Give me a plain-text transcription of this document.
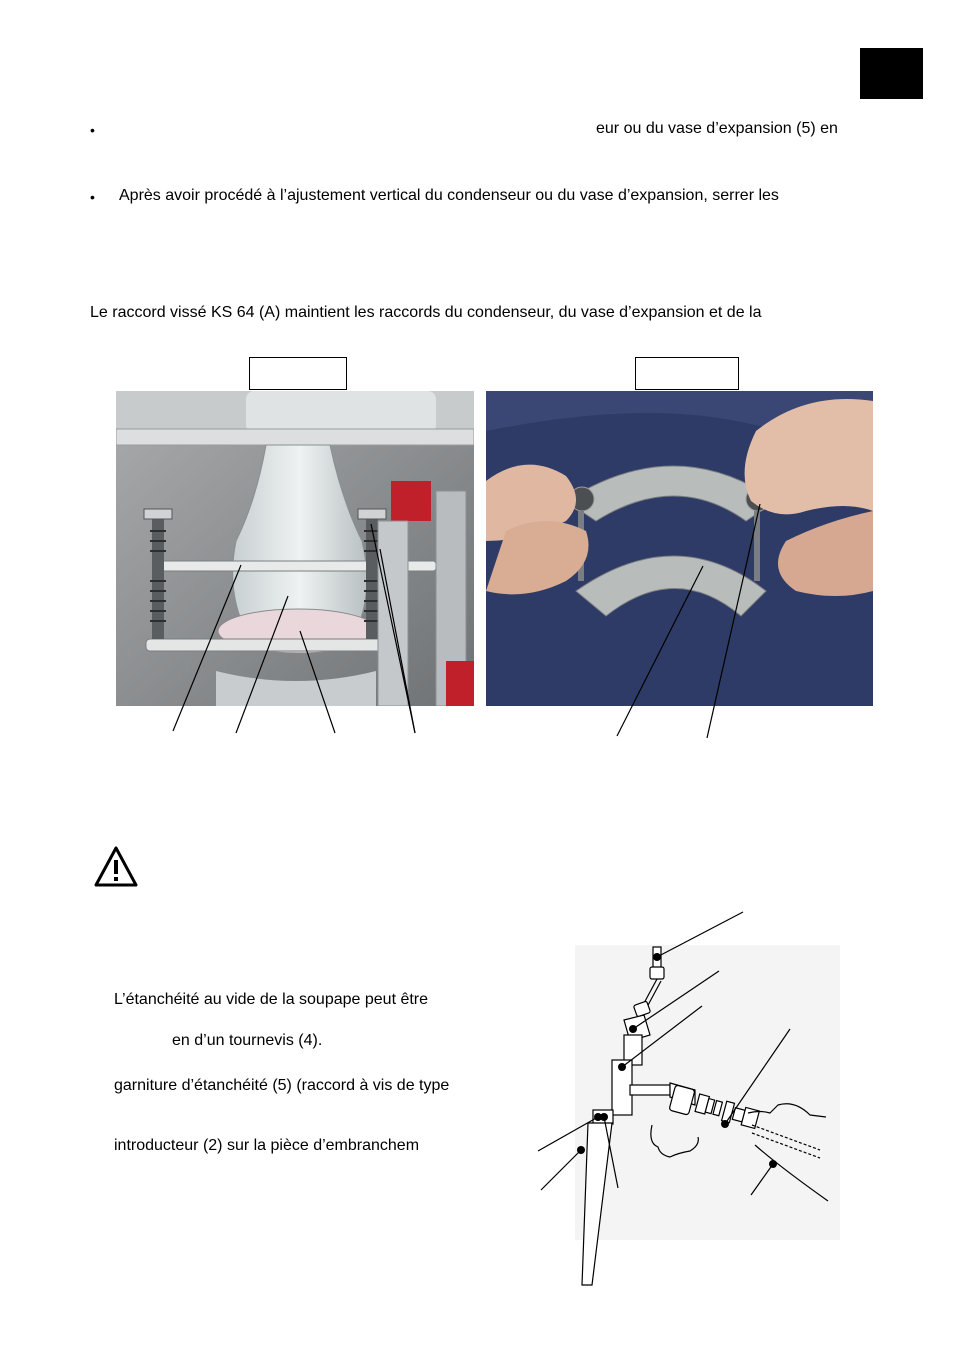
•	eur ou du vase d’expansion (5) en
• Après avoir procédé à l’ajustement vertical du condenseur ou du vase d’expansion, serrer les
Le raccord vissé KS 64 (A) maintient les raccords du condenseur, du vase d’expansion et de la
L’étanchéité au vide de la soupape peut être
en d’un tournevis (4).
garniture d’étanchéité (5) (raccord à vis de type
introducteur (2) sur la pièce d’embranchem
